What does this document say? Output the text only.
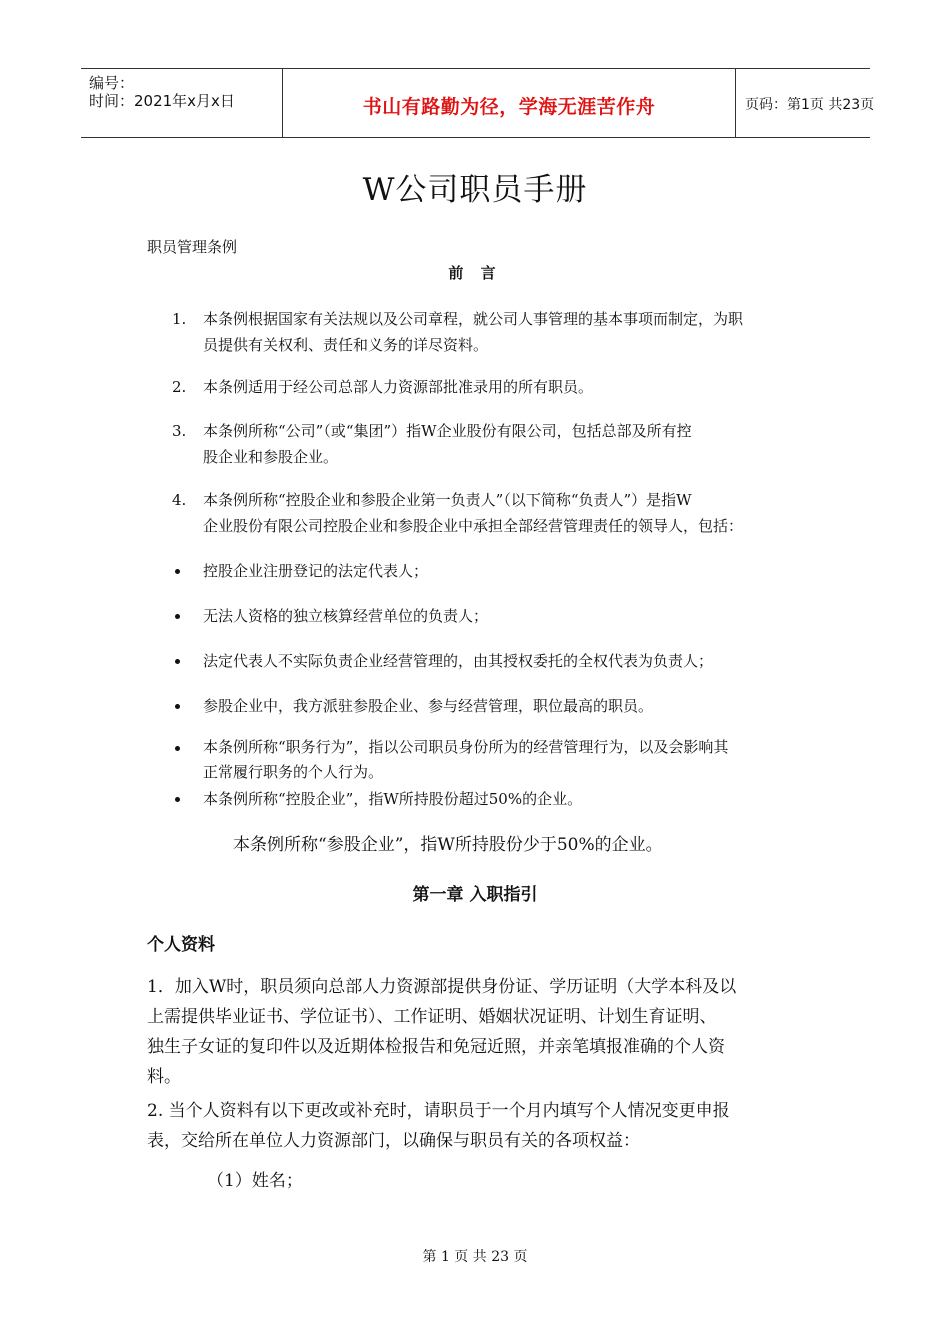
编号：
时间：2021年x月x日	书山有路勤为径，学海无涯苦作舟	页码：第1页 共23页
W公司职员手册
职员管理条例
前 言
1. 本条例根据国家有关法规以及公司章程，就公司人事管理的基本事项而制定，为职
员提供有关权利、责任和义务的详尽资料。
2. 本条例适用于经公司总部人力资源部批准录用的所有职员。
3. 本条例所称“公司”（或“集团”）指W企业股份有限公司，包括总部及所有控
股企业和参股企业。
4. 本条例所称“控股企业和参股企业第一负责人”（以下简称“负责人”）是指W
企业股份有限公司控股企业和参股企业中承担全部经营管理责任的领导人，包括：
控股企业注册登记的法定代表人；
无法人资格的独立核算经营单位的负责人；
法定代表人不实际负责企业经营管理的，由其授权委托的全权代表为负责人；
参股企业中，我方派驻参股企业、参与经营管理，职位最高的职员。
本条例所称“职务行为”，指以公司职员身份所为的经营管理行为，以及会影响其
正常履行职务的个人行为。
本条例所称“控股企业”，指W所持股份超过50%的企业。
本条例所称“参股企业”，指W所持股份少于50%的企业。
第一章 入职指引
个人资料
1．加入W时，职员须向总部人力资源部提供身份证、学历证明（大学本科及以
上需提供毕业证书、学位证书）、工作证明、婚姻状况证明、计划生育证明、
独生子女证的复印件以及近期体检报告和免冠近照，并亲笔填报准确的个人资
料。
2. 当个人资料有以下更改或补充时，请职员于一个月内填写个人情况变更申报
表，交给所在单位人力资源部门，以确保与职员有关的各项权益：
（1）姓名；
第 1 页 共 23 页
